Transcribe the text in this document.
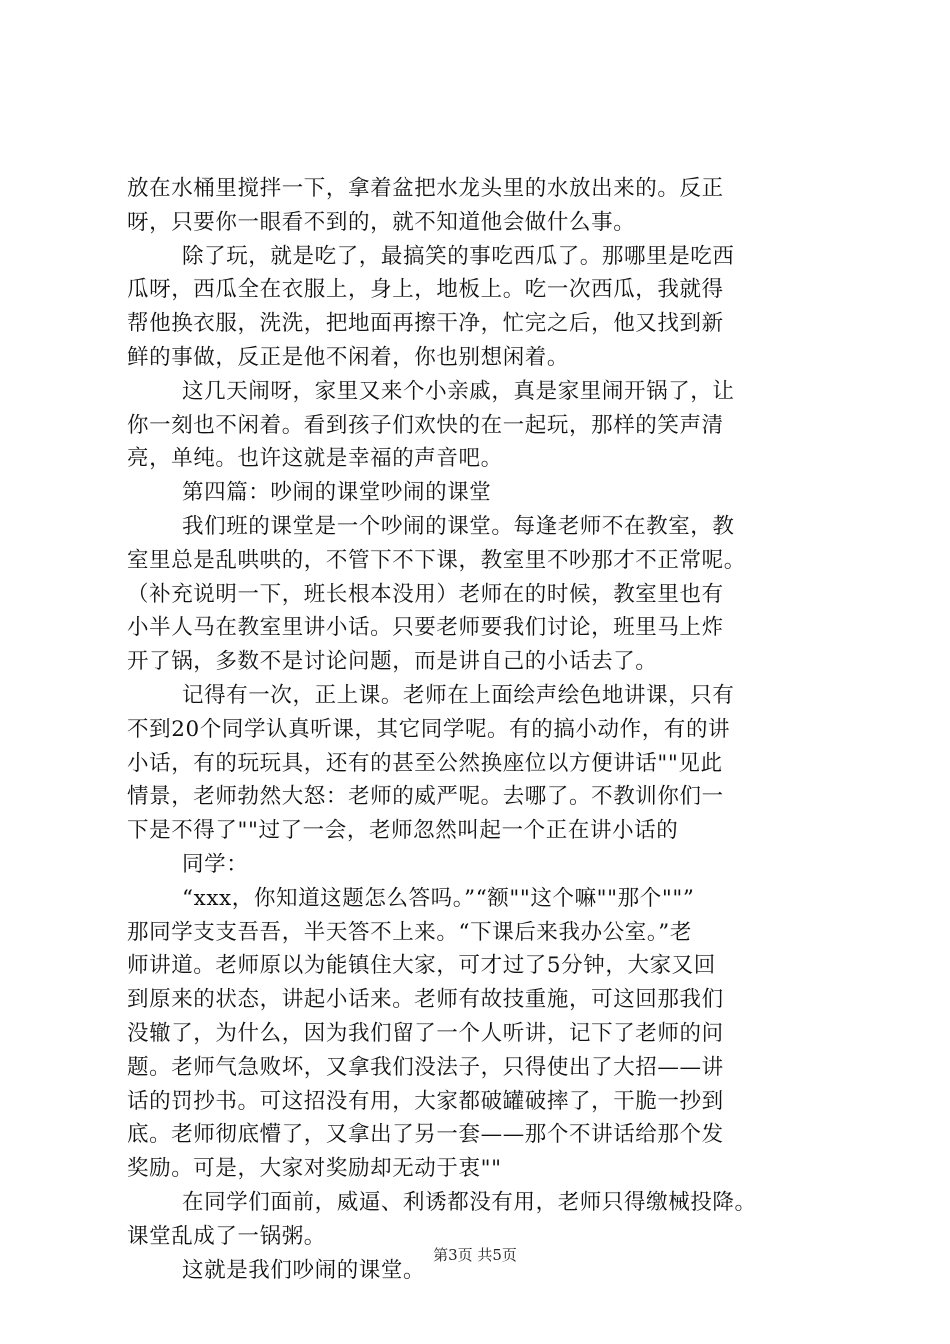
放在水桶里搅拌一下，拿着盆把水龙头里的水放出来的。反正
呀，只要你一眼看不到的，就不知道他会做什么事。
除了玩，就是吃了，最搞笑的事吃西瓜了。那哪里是吃西
瓜呀，西瓜全在衣服上，身上，地板上。吃一次西瓜，我就得
帮他换衣服，洗洗，把地面再擦干净，忙完之后，他又找到新
鲜的事做，反正是他不闲着，你也别想闲着。
这几天闹呀，家里又来个小亲戚，真是家里闹开锅了，让
你一刻也不闲着。看到孩子们欢快的在一起玩，那样的笑声清
亮，单纯。也许这就是幸福的声音吧。
第四篇：吵闹的课堂吵闹的课堂
我们班的课堂是一个吵闹的课堂。每逢老师不在教室，教
室里总是乱哄哄的，不管下不下课，教室里不吵那才不正常呢。
（补充说明一下，班长根本没用）老师在的时候，教室里也有
小半人马在教室里讲小话。只要老师要我们讨论，班里马上炸
开了锅，多数不是讨论问题，而是讲自己的小话去了。
记得有一次，正上课。老师在上面绘声绘色地讲课，只有
不到20个同学认真听课，其它同学呢。有的搞小动作，有的讲
小话，有的玩玩具，还有的甚至公然换座位以方便讲话""见此
情景，老师勃然大怒：老师的威严呢。去哪了。不教训你们一
下是不得了""过了一会，老师忽然叫起一个正在讲小话的
同学：
“xxx，你知道这题怎么答吗。”“额""这个嘛""那个""”
那同学支支吾吾，半天答不上来。“下课后来我办公室。”老
师讲道。老师原以为能镇住大家，可才过了5分钟，大家又回
到原来的状态，讲起小话来。老师有故技重施，可这回那我们
没辙了，为什么，因为我们留了一个人听讲，记下了老师的问
题。老师气急败坏，又拿我们没法子，只得使出了大招——讲
话的罚抄书。可这招没有用，大家都破罐破摔了，干脆一抄到
底。老师彻底懵了，又拿出了另一套——那个不讲话给那个发
奖励。可是，大家对奖励却无动于衷""
在同学们面前，威逼、利诱都没有用，老师只得缴械投降。
课堂乱成了一锅粥。
这就是我们吵闹的课堂。
第3页 共5页
